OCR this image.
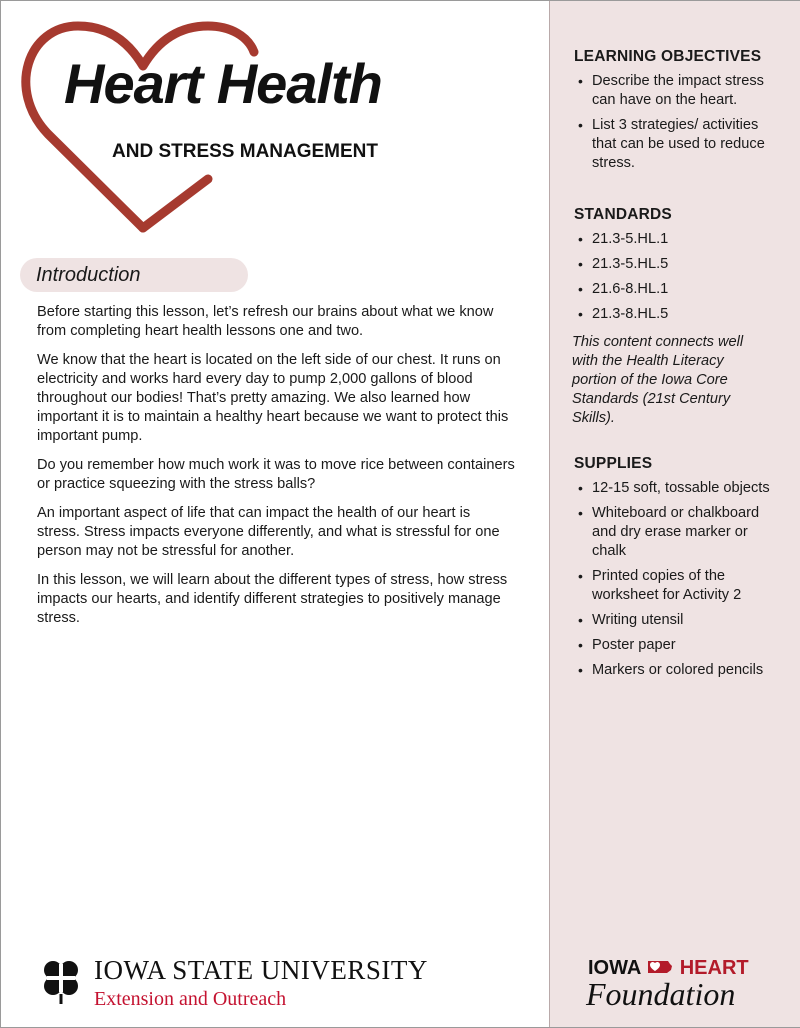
Heart Health
AND STRESS MANAGEMENT
Introduction

Before starting this lesson, let’s refresh our brains about what we know from completing heart health lessons one and two.

We know that the heart is located on the left side of our chest. It runs on electricity and works hard every day to pump 2,000 gallons of blood throughout our bodies! That’s pretty amazing. We also learned how important it is to maintain a healthy heart because we want to protect this important pump.

Do you remember how much work it was to move rice between containers or practice squeezing with the stress balls?

An important aspect of life that can impact the health of our heart is stress. Stress impacts everyone differently, and what is stressful for one person may not be stressful for another.

In this lesson, we will learn about the different types of stress, how stress impacts our hearts, and identify different strategies to positively manage stress.

LEARNING OBJECTIVES
• Describe the impact stress can have on the heart.
• List 3 strategies/ activities that can be used to reduce stress.
STANDARDS
• 21.3-5.HL.1
• 21.3-5.HL.5
• 21.6-8.HL.1
• 21.3-8.HL.5
This content connects well with the Health Literacy portion of the Iowa Core Standards (21st Century Skills).
SUPPLIES
• 12-15 soft, tossable objects
• Whiteboard or chalkboard and dry erase marker or chalk
• Printed copies of the worksheet for Activity 2
• Writing utensil
• Poster paper
• Markers or colored pencils
IOWA STATE UNIVERSITY
Extension and Outreach
IOWA HEART
Foundation
